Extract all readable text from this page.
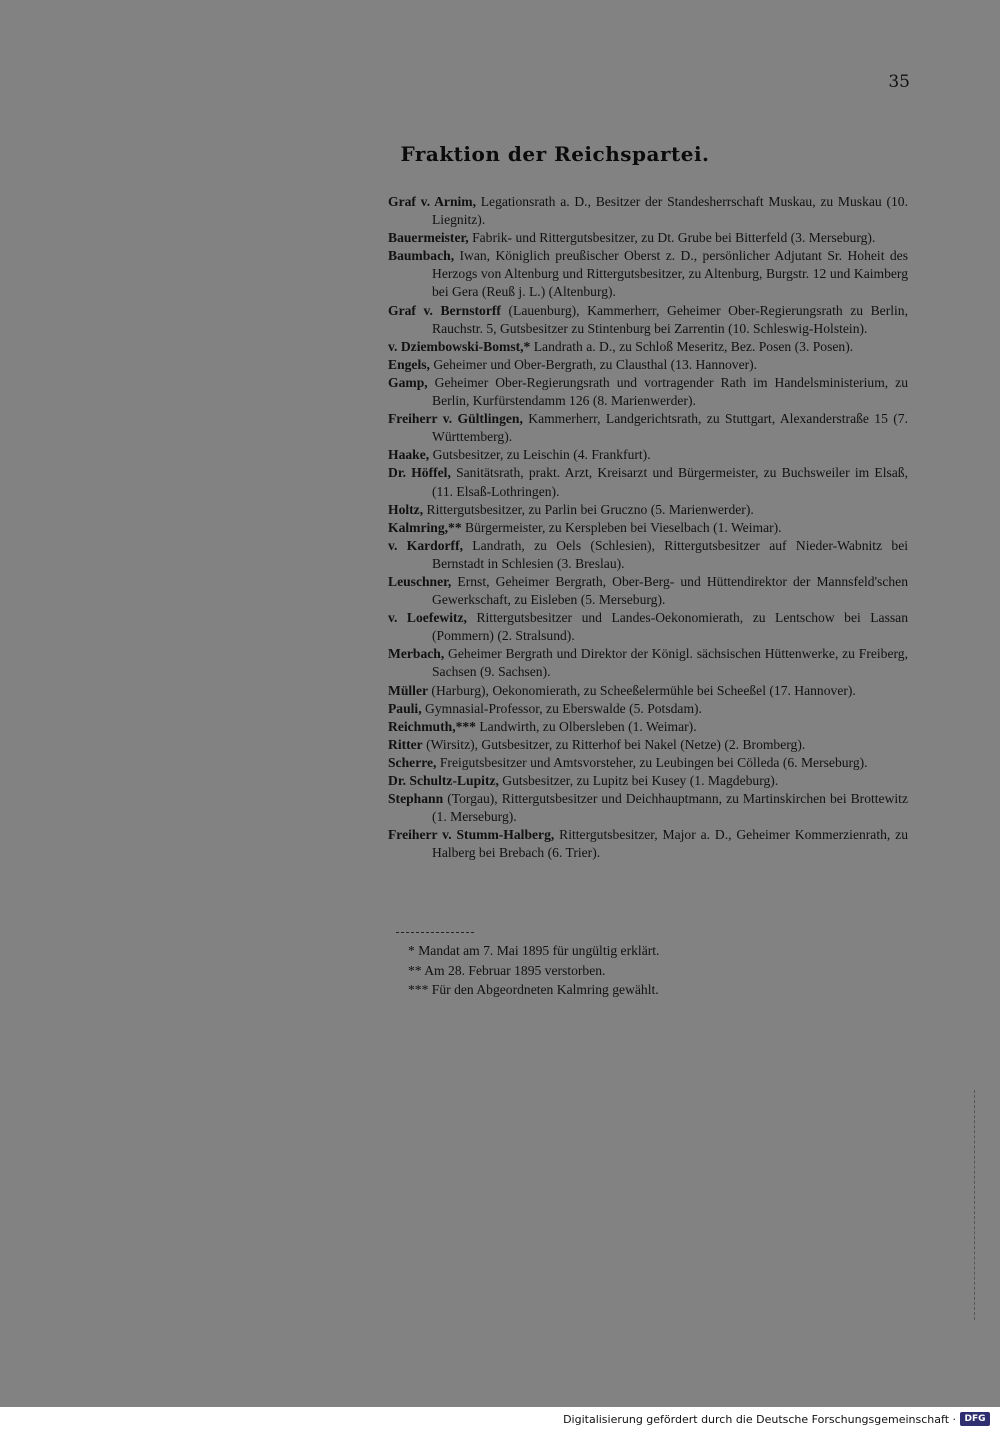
35
Fraktion der Reichspartei.

Graf v. Arnim, Legationsrath a. D., Besitzer der Standesherrschaft Muskau, zu Muskau (10. Liegnitz).

Bauermeister, Fabrik- und Rittergutsbesitzer, zu Dt. Grube bei Bitterfeld (3. Merseburg).

Baumbach, Iwan, Königlich preußischer Oberst z. D., persönlicher Adjutant Sr. Hoheit des Herzogs von Altenburg und Rittergutsbesitzer, zu Altenburg, Burgstr. 12 und Kaimberg bei Gera (Reuß j. L.) (Altenburg).

Graf v. Bernstorff (Lauenburg), Kammerherr, Geheimer Ober-Regierungsrath zu Berlin, Rauchstr. 5, Gutsbesitzer zu Stintenburg bei Zarrentin (10. Schleswig-Holstein).

v. Dziembowski-Bomst,* Landrath a. D., zu Schloß Meseritz, Bez. Posen (3. Posen).

Engels, Geheimer und Ober-Bergrath, zu Clausthal (13. Hannover).

Gamp, Geheimer Ober-Regierungsrath und vortragender Rath im Handelsministerium, zu Berlin, Kurfürstendamm 126 (8. Marienwerder).

Freiherr v. Gültlingen, Kammerherr, Landgerichtsrath, zu Stuttgart, Alexanderstraße 15 (7. Württemberg).

Haake, Gutsbesitzer, zu Leischin (4. Frankfurt).

Dr. Höffel, Sanitätsrath, prakt. Arzt, Kreisarzt und Bürgermeister, zu Buchsweiler im Elsaß, (11. Elsaß-Lothringen).

Holtz, Rittergutsbesitzer, zu Parlin bei Gruczno (5. Marienwerder).

Kalmring,** Bürgermeister, zu Kerspleben bei Vieselbach (1. Weimar).

v. Kardorff, Landrath, zu Oels (Schlesien), Rittergutsbesitzer auf Nieder-Wabnitz bei Bernstadt in Schlesien (3. Breslau).

Leuschner, Ernst, Geheimer Bergrath, Ober-Berg- und Hüttendirektor der Mannsfeld'schen Gewerkschaft, zu Eisleben (5. Merseburg).

v. Loefewitz, Rittergutsbesitzer und Landes-Oekonomierath, zu Lentschow bei Lassan (Pommern) (2. Stralsund).

Merbach, Geheimer Bergrath und Direktor der Königl. sächsischen Hüttenwerke, zu Freiberg, Sachsen (9. Sachsen).

Müller (Harburg), Oekonomierath, zu Scheeßelermühle bei Scheeßel (17. Hannover).

Pauli, Gymnasial-Professor, zu Eberswalde (5. Potsdam).

Reichmuth,*** Landwirth, zu Olbersleben (1. Weimar).

Ritter (Wirsitz), Gutsbesitzer, zu Ritterhof bei Nakel (Netze) (2. Bromberg).

Scherre, Freigutsbesitzer und Amtsvorsteher, zu Leubingen bei Cölleda (6. Merseburg).

Dr. Schultz-Lupitz, Gutsbesitzer, zu Lupitz bei Kusey (1. Magdeburg).

Stephann (Torgau), Rittergutsbesitzer und Deichhauptmann, zu Martinskirchen bei Brottewitz (1. Merseburg).

Freiherr v. Stumm-Halberg, Rittergutsbesitzer, Major a. D., Geheimer Kommerzienrath, zu Halberg bei Brebach (6. Trier).

* Mandat am 7. Mai 1895 für ungültig erklärt.

** Am 28. Februar 1895 verstorben.

*** Für den Abgeordneten Kalmring gewählt.

Digitalisierung gefördert durch die Deutsche Forschungsgemeinschaft · DFG
